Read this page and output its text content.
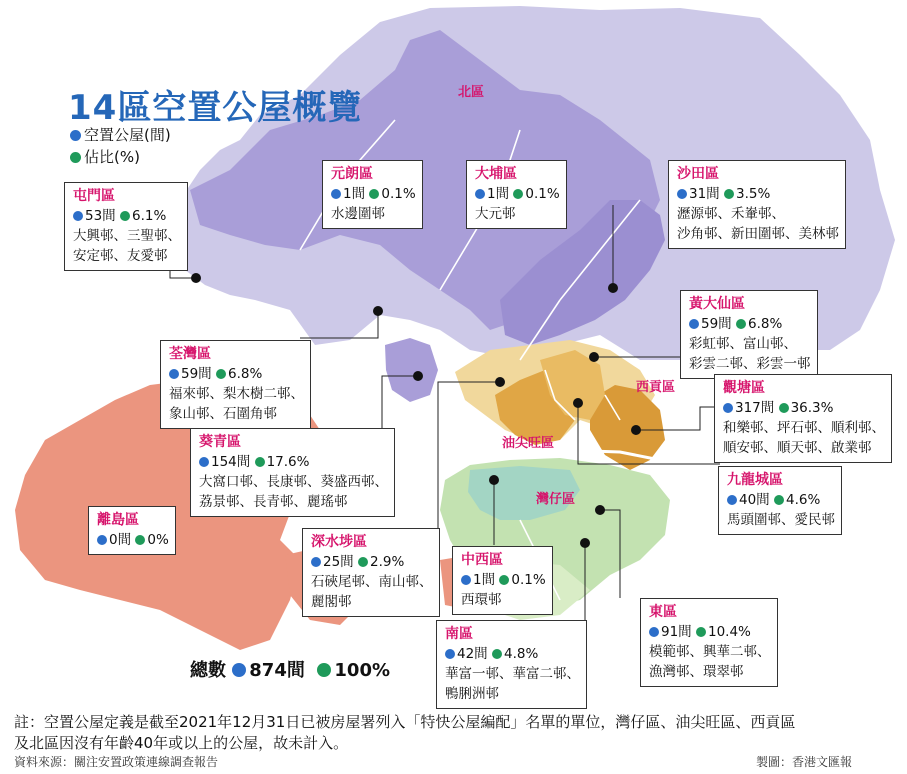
14區空置公屋概覽
空置公屋(間)
佔比(%)
北區
西貢區
油尖旺區
灣仔區
屯門區
53間 6.1%
大興邨、三聖邨、
安定邨、友愛邨
元朗區
1間 0.1%
水邊圍邨
大埔區
1間 0.1%
大元邨
沙田區
31間 3.5%
瀝源邨、禾輋邨、
沙角邨、新田圍邨、美林邨
黃大仙區
59間 6.8%
彩虹邨、富山邨、
彩雲二邨、彩雲一邨
荃灣區
59間 6.8%
福來邨、梨木樹二邨、
象山邨、石圍角邨
觀塘區
317間 36.3%
和樂邨、坪石邨、順利邨、
順安邨、順天邨、啟業邨
葵青區
154間 17.6%
大窩口邨、長康邨、葵盛西邨、
荔景邨、長青邨、麗瑤邨
九龍城區
40間 4.6%
馬頭圍邨、愛民邨
離島區
0間 0%	深水埗區
25間 2.9%
石硤尾邨、南山邨、
麗閣邨
中西區
1間 0.1%
西環邨
東區
91間 10.4%
模範邨、興華二邨、
漁灣邨、環翠邨
南區
42間 4.8%
華富一邨、華富二邨、
鴨脷洲邨
總數 874間 100%
註：空置公屋定義是截至2021年12月31日已被房屋署列入「特快公屋編配」名單的單位，灣仔區、油尖旺區、西貢區
及北區因沒有年齡40年或以上的公屋，故未計入。
資料來源：關注安置政策連線調查報告	製圖：香港文匯報
